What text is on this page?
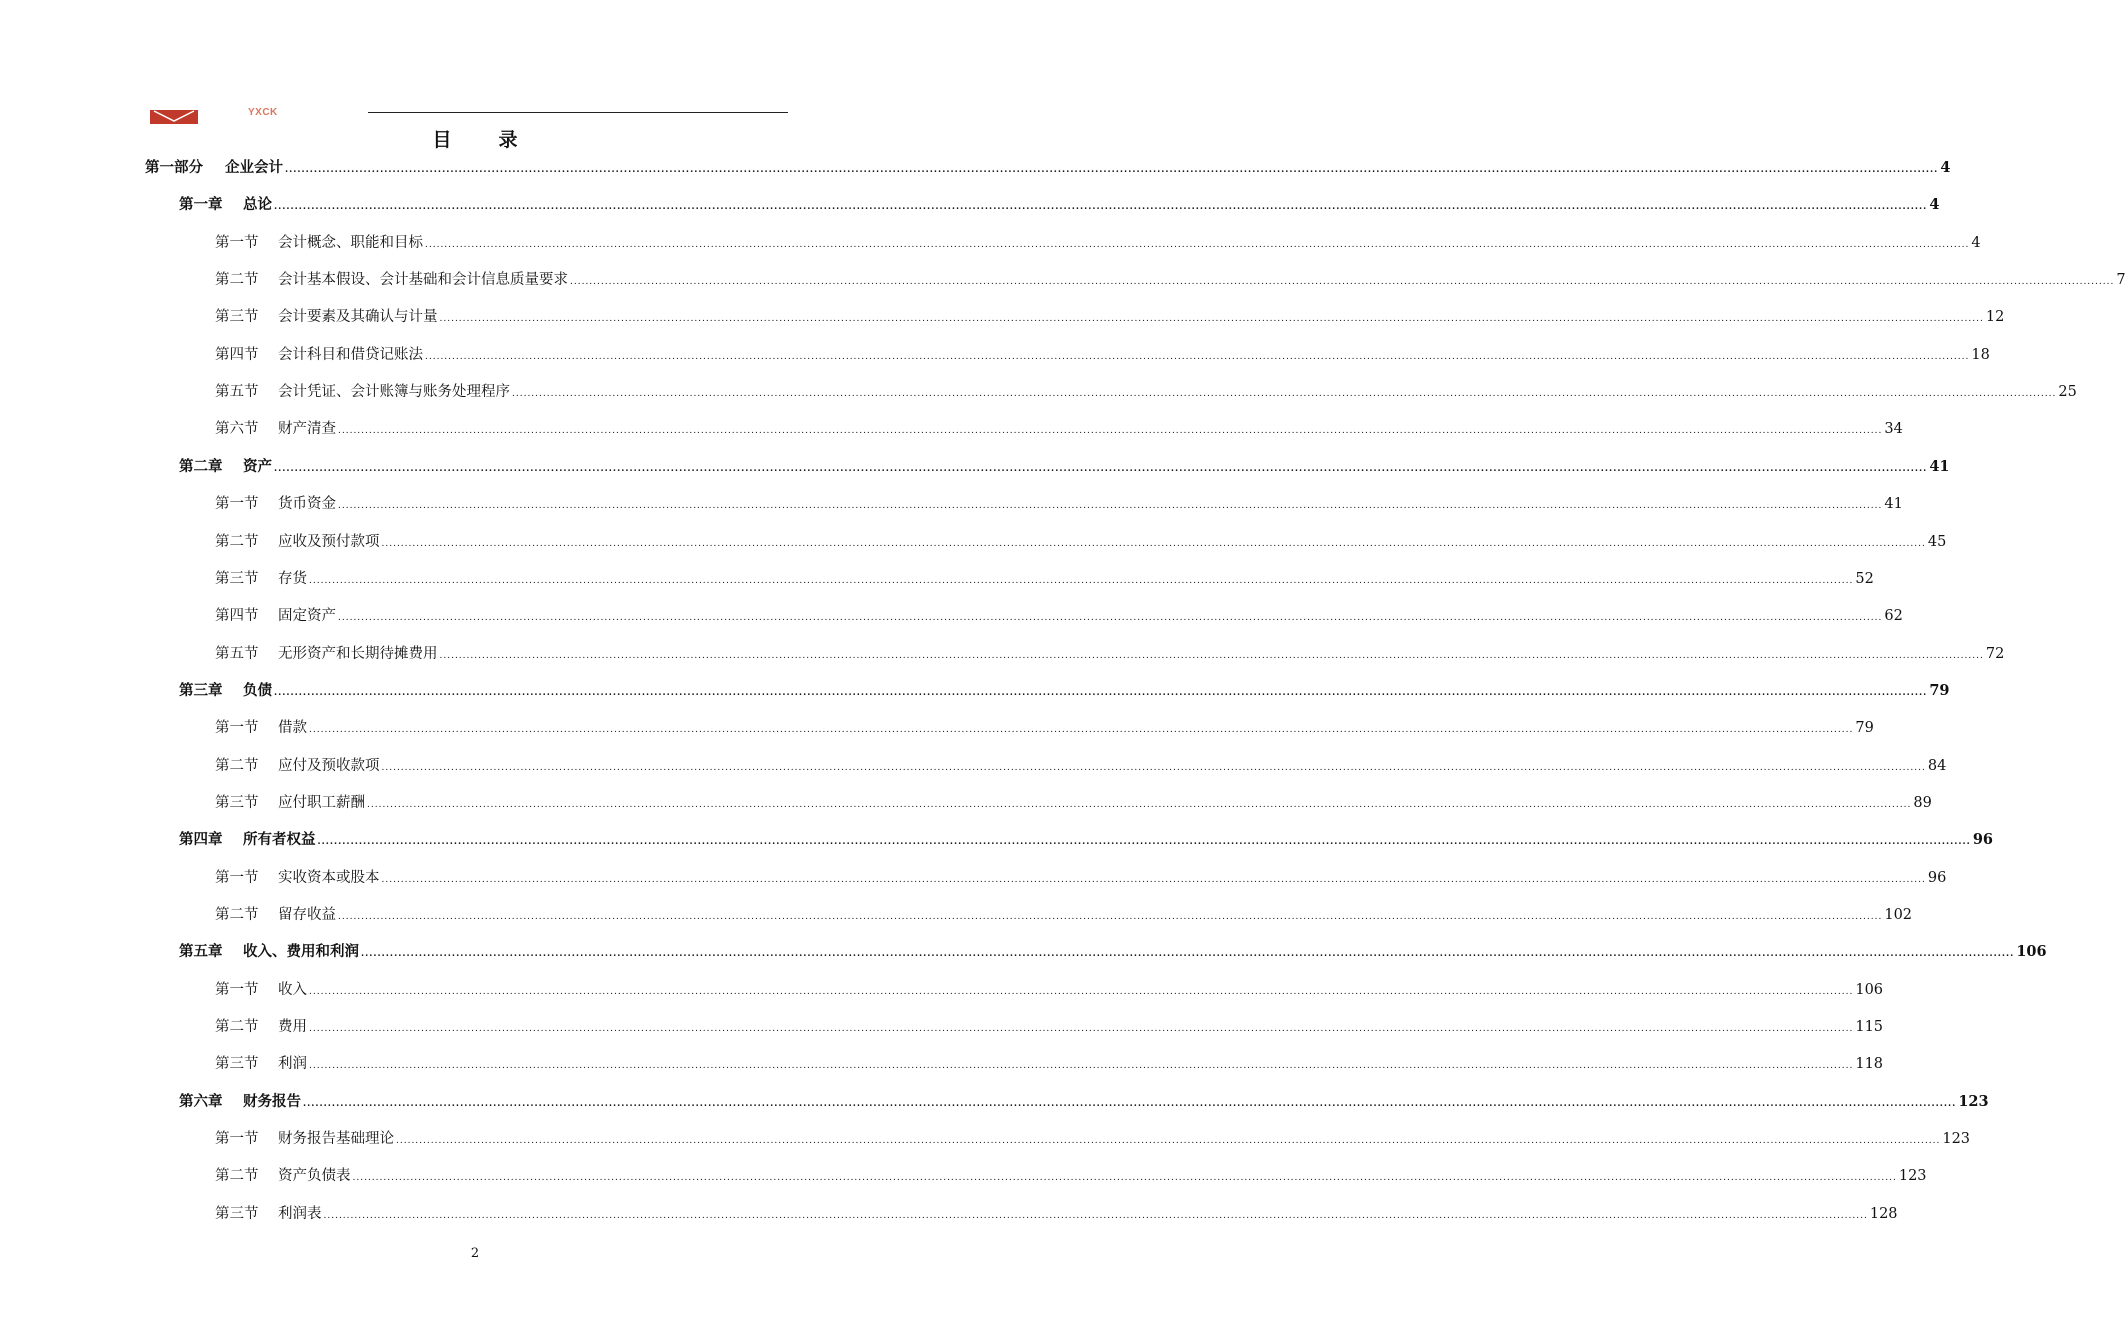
YXCK
目　录
第一部分	企业会计 ................................................................................................................................................................................................................................................................................................................................................................................................................ 4
第一章	总论 ................................................................................................................................................................................................................................................................................................................................................................................................................ 4
第一节	会计概念、职能和目标 ................................................................................................................................................................................................................................................................................................................................................................................................................ 4
第二节	会计基本假设、会计基础和会计信息质量要求 ................................................................................................................................................................................................................................................................................................................................................................................................................ 7
第三节	会计要素及其确认与计量 ................................................................................................................................................................................................................................................................................................................................................................................................................ 12
第四节	会计科目和借贷记账法 ................................................................................................................................................................................................................................................................................................................................................................................................................ 18
第五节	会计凭证、会计账簿与账务处理程序 ................................................................................................................................................................................................................................................................................................................................................................................................................ 25
第六节	财产清查 ................................................................................................................................................................................................................................................................................................................................................................................................................ 34
第二章	资产 ................................................................................................................................................................................................................................................................................................................................................................................................................ 41
第一节	货币资金 ................................................................................................................................................................................................................................................................................................................................................................................................................ 41
第二节	应收及预付款项 ................................................................................................................................................................................................................................................................................................................................................................................................................ 45
第三节	存货 ................................................................................................................................................................................................................................................................................................................................................................................................................ 52
第四节	固定资产 ................................................................................................................................................................................................................................................................................................................................................................................................................ 62
第五节	无形资产和长期待摊费用 ................................................................................................................................................................................................................................................................................................................................................................................................................ 72
第三章	负债 ................................................................................................................................................................................................................................................................................................................................................................................................................ 79
第一节	借款 ................................................................................................................................................................................................................................................................................................................................................................................................................ 79
第二节	应付及预收款项 ................................................................................................................................................................................................................................................................................................................................................................................................................ 84
第三节	应付职工薪酬 ................................................................................................................................................................................................................................................................................................................................................................................................................ 89
第四章	所有者权益 ................................................................................................................................................................................................................................................................................................................................................................................................................ 96
第一节	实收资本或股本 ................................................................................................................................................................................................................................................................................................................................................................................................................ 96
第二节	留存收益 ................................................................................................................................................................................................................................................................................................................................................................................................................ 102
第五章	收入、费用和利润 ................................................................................................................................................................................................................................................................................................................................................................................................................ 106
第一节	收入 ................................................................................................................................................................................................................................................................................................................................................................................................................ 106
第二节	费用 ................................................................................................................................................................................................................................................................................................................................................................................................................ 115
第三节	利润 ................................................................................................................................................................................................................................................................................................................................................................................................................ 118
第六章	财务报告 ................................................................................................................................................................................................................................................................................................................................................................................................................ 123
第一节	财务报告基础理论 ................................................................................................................................................................................................................................................................................................................................................................................................................ 123
第二节	资产负债表 ................................................................................................................................................................................................................................................................................................................................................................................................................ 123
第三节	利润表 ................................................................................................................................................................................................................................................................................................................................................................................................................ 128
2
